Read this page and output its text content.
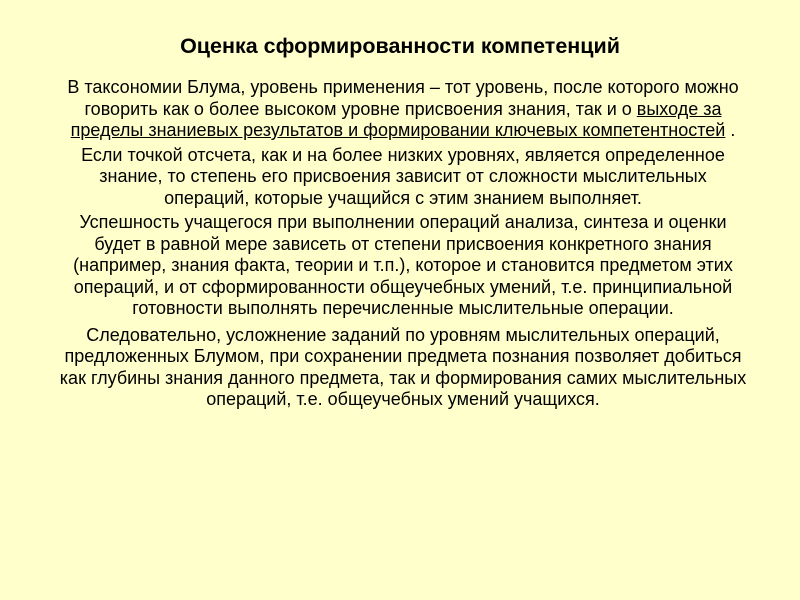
Оценка сформированности компетенций

В таксономии Блума, уровень применения – тот уровень, после которого можно говорить как о более высоком уровне присвоения знания, так и о выходе за пределы знаниевых результатов и формировании ключевых компетентностей .

Если точкой отсчета, как и на более низких уровнях, является определенное знание, то степень его присвоения зависит от сложности мыслительных операций, которые учащийся с этим знанием выполняет.

Успешность учащегося при выполнении операций анализа, синтеза и оценки будет в равной мере зависеть от степени присвоения конкретного знания (например, знания факта, теории и т.п.), которое и становится предметом этих операций, и от сформированности общеучебных умений, т.е. принципиальной готовности выполнять перечисленные мыслительные операции.

Следовательно, усложнение заданий по уровням мыслительных операций, предложенных Блумом, при сохранении предмета познания позволяет добиться как глубины знания данного предмета, так и формирования самих мыслительных операций, т.е. общеучебных умений учащихся.
